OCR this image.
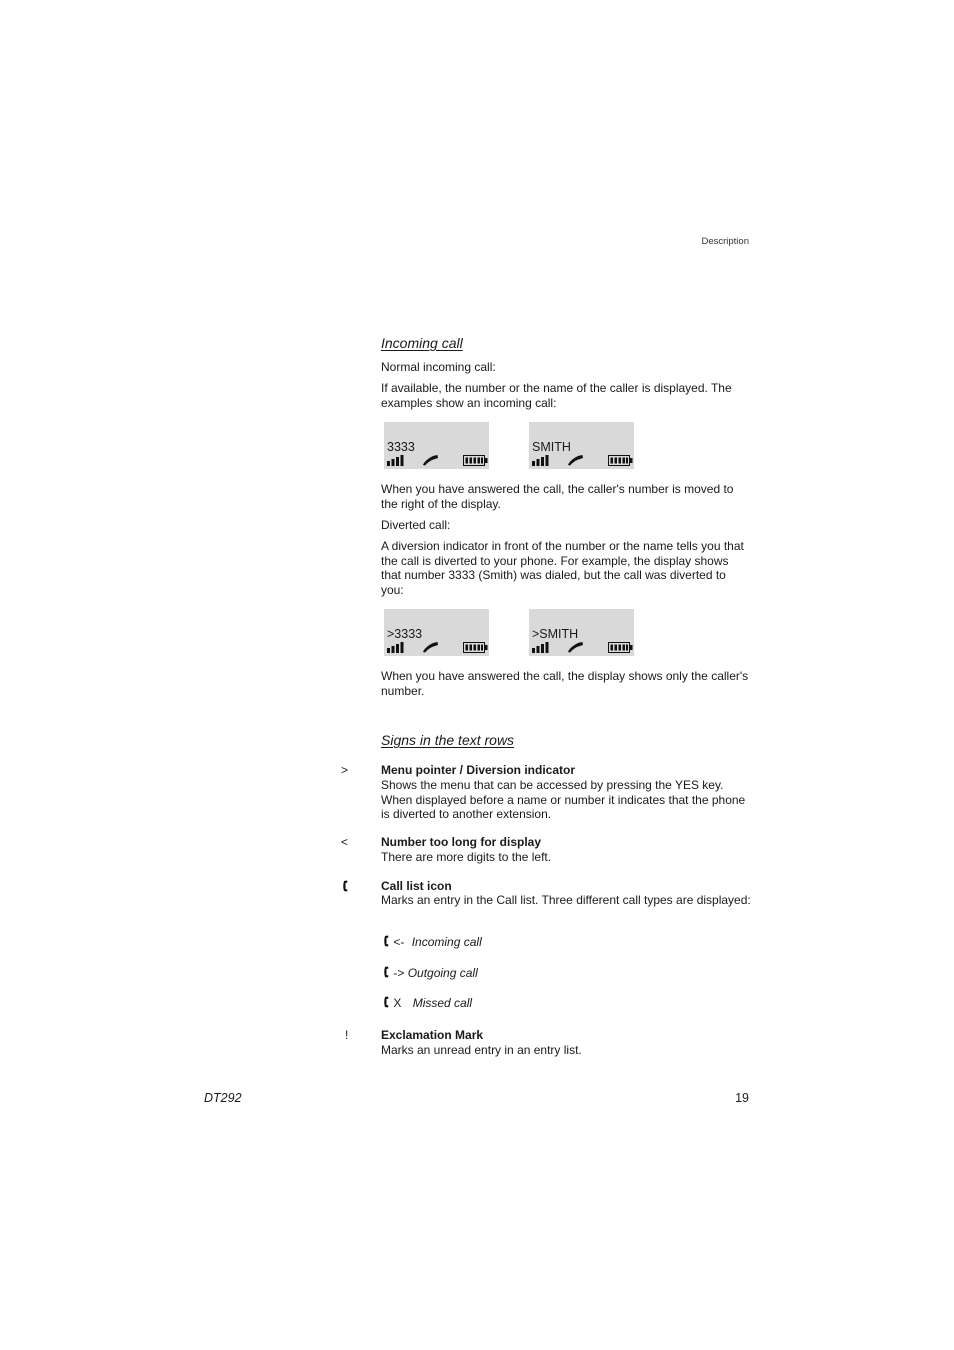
Description
Incoming call
Normal incoming call:
If available, the number or the name of the caller is displayed. The examples show an incoming call:
3333	SMITH
When you have answered the call, the caller's number is moved to the right of the display.
Diverted call:
A diversion indicator in front of the number or the name tells you that the call is diverted to your phone. For example, the display shows that number 3333 (Smith) was dialed, but the call was diverted to you:
>3333	>SMITH
When you have answered the call, the display shows only the caller's number.
Signs in the text rows
>	Menu pointer / Diversion indicator
Shows the menu that can be accessed by pressing the YES key. When displayed before a name or number it indicates that the phone is diverted to another extension.
<	Number too long for display
There are more digits to the left.
Call list icon
Marks an entry in the Call list. Three different call types are displayed:
<- Incoming call
-> Outgoing call
X Missed call
!	Exclamation Mark
Marks an unread entry in an entry list.
DT292	19
